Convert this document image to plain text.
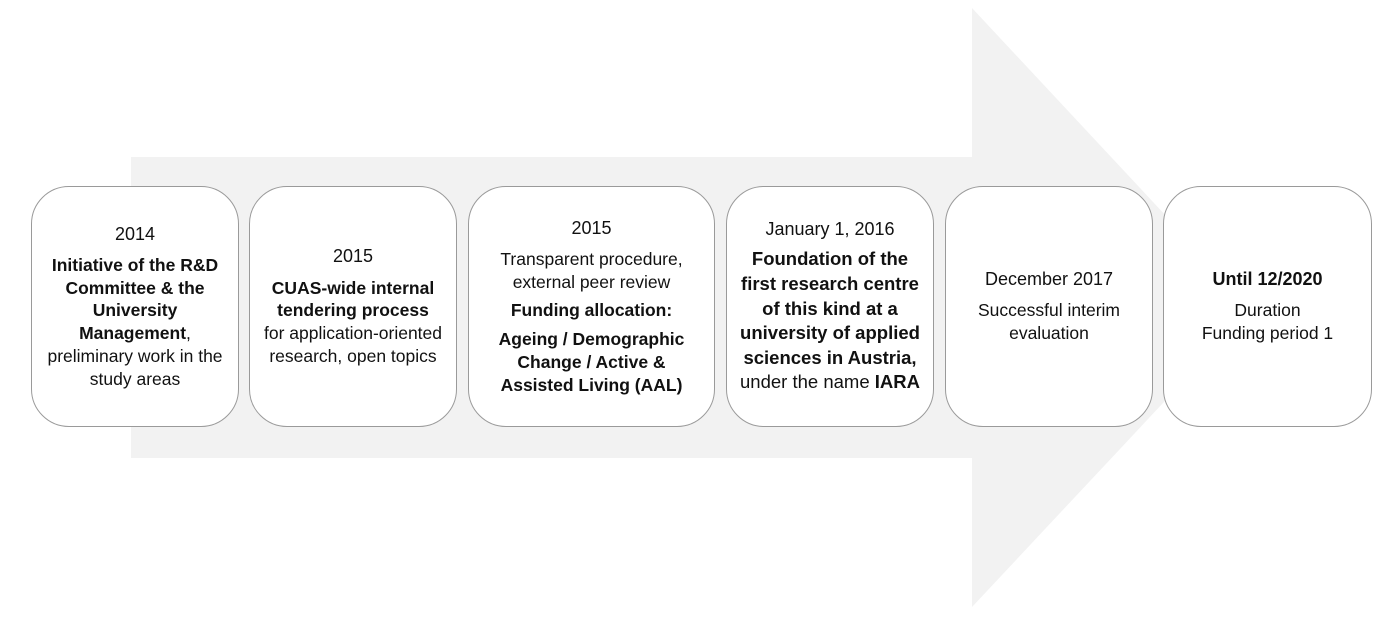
2014

Initiative of the R&D Committee & the University Management, preliminary work in the study areas

2015

CUAS-wide internal tendering process

for application-oriented research, open topics

2015

Transparent procedure, external peer review

Funding allocation:

Ageing / Demographic Change / Active & Assisted Living (AAL)

January 1, 2016

Foundation of the first research centre of this kind at a university of applied sciences in Austria, under the name IARA

December 2017

Successful interim evaluation

Until 12/2020

Duration

Funding period 1
